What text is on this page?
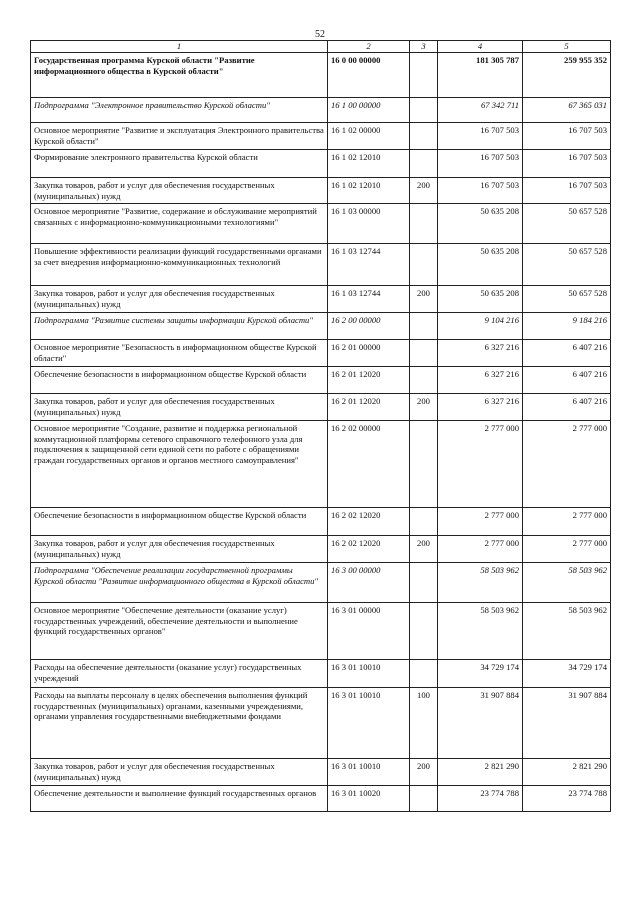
52
1	2	3	4	5
Государственная программа Курской области "Развитие информационного общества в Курской области"	16 0 00 00000		181 305 787	259 955 352
Подпрограмма "Электронное правительство Курской области"	16 1 00 00000		67 342 711	67 365 031
Основное мероприятие "Развитие и эксплуатация Электронного правительства Курской области"	16 1 02 00000		16 707 503	16 707 503
Формирование электронного правительства Курской области	16 1 02 12010		16 707 503	16 707 503
Закупка товаров, работ и услуг для обеспечения государственных (муниципальных) нужд	16 1 02 12010	200	16 707 503	16 707 503
Основное мероприятие "Развитие, содержание и обслуживание мероприятий связанных с информационно-коммуникационными технологиями"	16 1 03 00000		50 635 208	50 657 528
Повышение эффективности реализации функций государственными органами за счет внедрения информационно-коммуникационных технологий	16 1 03 12744		50 635 208	50 657 528
Закупка товаров, работ и услуг для обеспечения государственных (муниципальных) нужд	16 1 03 12744	200	50 635 208	50 657 528
Подпрограмма "Развитие системы защиты информации Курской области"	16 2 00 00000		9 104 216	9 184 216
Основное мероприятие "Безопасность в информационном обществе Курской области"	16 2 01 00000		6 327 216	6 407 216
Обеспечение безопасности в информационном обществе Курской области	16 2 01 12020		6 327 216	6 407 216
Закупка товаров, работ и услуг для обеспечения государственных (муниципальных) нужд	16 2 01 12020	200	6 327 216	6 407 216
Основное мероприятие "Создание, развитие и поддержка региональной коммутационной платформы сетевого справочного телефонного узла для подключения к защищенной сети единой сети по работе с обращениями граждан государственных органов и органов местного самоуправления"	16 2 02 00000		2 777 000	2 777 000
Обеспечение безопасности в информационном обществе Курской области	16 2 02 12020		2 777 000	2 777 000
Закупка товаров, работ и услуг для обеспечения государственных (муниципальных) нужд	16 2 02 12020	200	2 777 000	2 777 000
Подпрограмма "Обеспечение реализации государственной программы Курской области "Развитие информационного общества в Курской области"	16 3 00 00000		58 503 962	58 503 962
Основное мероприятие "Обеспечение деятельности (оказание услуг) государственных учреждений, обеспечение деятельности и выполнение функций государственных органов"	16 3 01 00000		58 503 962	58 503 962
Расходы на обеспечение деятельности (оказание услуг) государственных учреждений	16 3 01 10010		34 729 174	34 729 174
Расходы на выплаты персоналу в целях обеспечения выполнения функций государственных (муниципальных) органами, казенными учреждениями, органами управления государственными внебюджетными фондами	16 3 01 10010	100	31 907 884	31 907 884
Закупка товаров, работ и услуг для обеспечения государственных (муниципальных) нужд	16 3 01 10010	200	2 821 290	2 821 290
Обеспечение деятельности и выполнение функций государственных органов	16 3 01 10020		23 774 788	23 774 788
